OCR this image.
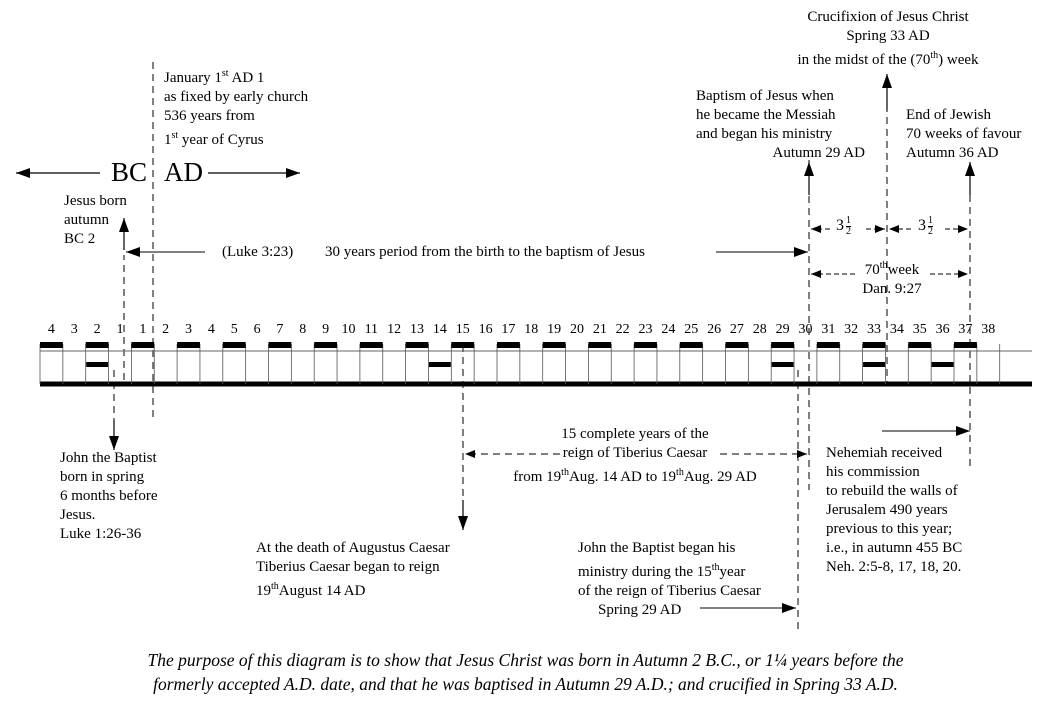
BC AD
January 1st AD 1
as fixed by early church
536 years from
1st year of Cyrus
Jesus born
autumn
BC 2
(Luke 3:23) 30 years period from the birth to the baptism of Jesus
Crucifixion of Jesus Christ
Spring 33 AD
in the midst of the (70th) week
Baptism of Jesus when
he became the Messiah
and began his ministry
Autumn 29 AD
End of Jewish
70 weeks of favour
Autumn 36 AD
$3 \frac{1}{2}$	$3 \frac{1}{2}$
70thweek
Dan. 9:27
4	3	2	1	1	2	3	4	5	6	7	8	9 10 11 12 13 14 15 16 17 18 19 20 21 22 23 24 25 26 27 28 29 30 31 32 33 34 35 36 37 38
John the Baptist
born in spring
6 months before
Jesus.
Luke 1:26-36
15 complete years of the
reign of Tiberius Caesar
from 19thAug. 14 AD to 19thAug. 29 AD
At the death of Augustus Caesar
Tiberius Caesar began to reign
19thAugust 14 AD
John the Baptist began his
ministry during the 15thyear
of the reign of Tiberius Caesar
Spring 29 AD
Nehemiah received
his commission
to rebuild the walls of
Jerusalem 490 years
previous to this year;
i.e., in autumn 455 BC
Neh. 2:5-8, 17, 18, 20.
The purpose of this diagram is to show that Jesus Christ was born in Autumn 2 B.C., or 1¼ years before the
formerly accepted A.D. date, and that he was baptised in Autumn 29 A.D.; and crucified in Spring 33 A.D.
